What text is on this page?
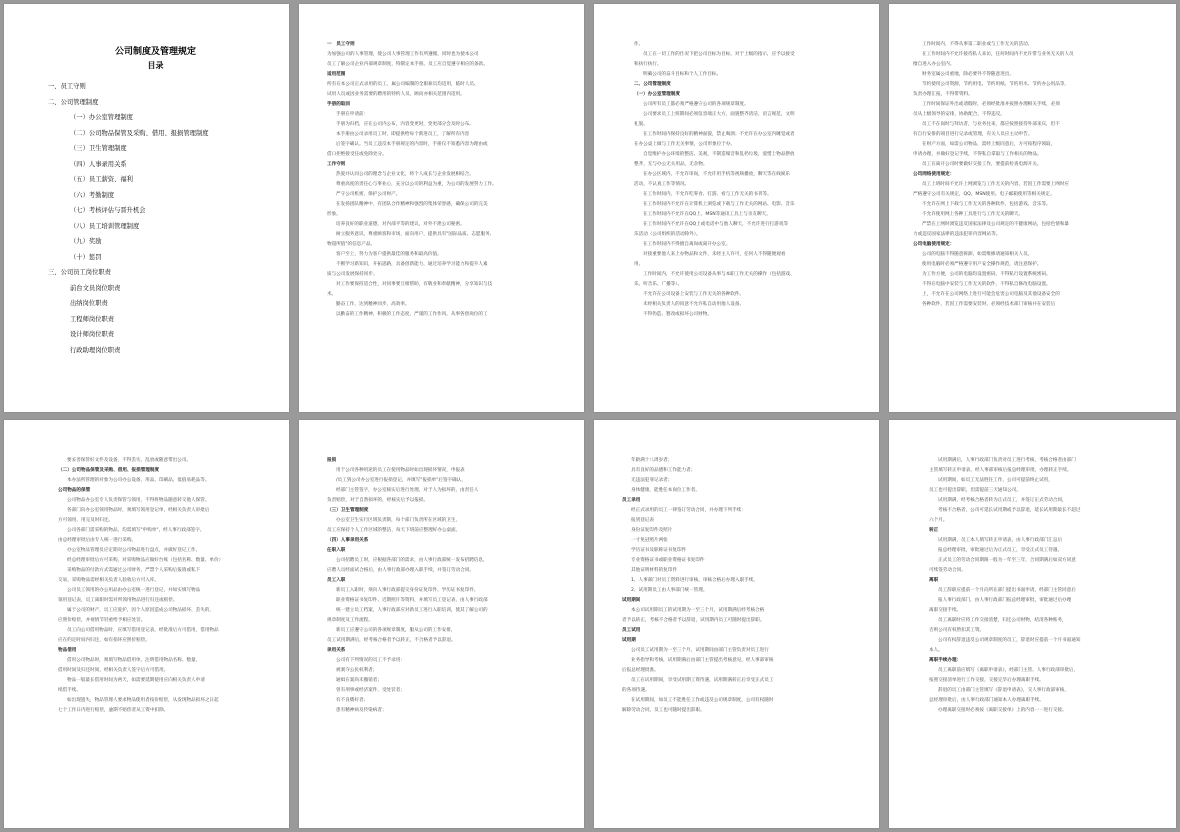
公司制度及管理规定
目录
一、员工守则
二、公司管理制度
（一）办公室管理制度
（二）公司物品保管及采购、借用、报损管理制度
（三）卫生管理制度
（四）人事录用关系
（五）员工薪资、福利
（六）考勤制度
（七）考核评估与晋升机会
（八）员工培训管理制度
（九）奖励
（十）惩罚
三、公司员工岗位职责
前台文员岗位职责
出纳岗位职责
工程师岗位职责
设计师岗位职责
行政助理岗位职责
一　员工守则
为加强公司的人事管理，使公司人事管理工作有所遵循，同时也为使本公司
员工了解公司企业内部规章制度，特制定本手册。员工应自觉遵守相应的条款。
适用范围
所有在本公司正式录用的员工，属公司编制的全职雇员均适用，临时人员、
试用人员或因业务需要的聘用的特约人员、顾问亦相关范围内适用。
手册的取回
手册在申请前：
手册为归档，应在公司内公布，内容变更时，变更部分会及时公布。
本手册由公司录用员工时，即提供给每个新进员工，了解所有内容
后签字确认。当员工违反本手册规定的内容时，手册仅不知悉内容为理由或
借口拒绝接受任或免除处分。
工作守则
热爱并认同公司的理念与企业文化，将个人成长与企业发展相结合。
尊重高度的责任心与事业心，充分以公司的利益为重，为公司的发展努力工作。
严守公司机密，保护公司财产。
在发扬团队精神中，有团队合作精神和强烈的集体荣誉感，确保公司的完美
形象。
培养良好的职业道德，对内部平等的建议，对外不泄公司秘密。
树立服务意识，尊重顾客和市场，面向用户，提供具有"国际品质、志愿服务、
物超所值"的信息产品。
客户至上，努力为客户提供最佳的服务和最高价值。
不断学习新知识，开拓思路，具备创新能力，通过培养学习能力和提升人素
质与公司发展保持同步。
对工作要保持适合性，对同事要互相帮助，有敬业和奉献精神，分享知识与技
术。
勤奋工作，达到精神同步、高效率。
以勤奋的工作精神，积极的工作态度，严谨的工作作风，从事各创岗位的工
作。
员工在一切工作的仕况下把公司目标为目标，对于上级的指示，应予以接受
和执行执行。
明确公司的奋斗目标和个人工作目标。
二、公司管理制度
（一）办公室管理制度
公司所有员工都必须严格遵守公司的各项规章制度。
公司要求员工上班期间必须仪容端正大方，面貌整齐清洁，语言规范，文明
礼貌。
在工作时间内保持良好的精神面貌，禁止喝酒；不允许在办公室内睡觉或者
在办公桌上做与工作无关事情，公司形象位于办。
自觉维护办公环境的整洁、美观，不制造噪音和乱扔垃圾，爱惜上物品摆放
整齐，无与办公无关用品，无杂物。
在办公区域内，不允许串岗，不允许用手机等视频播放，聊天等在线娱乐
活动，不认真工作等情况。
在工作时间内，不允许吃零食、打游、看与工作无关的书刊等。
在工作时间内不允许在计算机上浏览或下载与工作无关的网站、电影、音乐
在工作时间内不允许在QQ上、MSN等通讯工具上与亲友聊天。
在工作时间内不允许在QQ上或电话中与他人聊天，不允许进行打游戏等
乐活动（公司组织的活动除外）。
在工作时间内不得擅自离岗或离开办公室。
对接重要他人来上办物品和文件，未经主人许可，任何人不得随便观看
用。
工作时间内，不允许使用公司设备从事与本职工作无关的操作（包括游戏、
乐、听音乐、广播等）。
不允许在公司设备上安装与工作无关的各种软件。
未经相关负责人的同意不允许私自动用他人设备。
不得伪造、篡改或损坏公司财物。
工作时间内，不得从事第二职业或与工作无关的活动。
在工作时间内不允许接待私人来访，任何时间内不允许带与业务无关的人员
擅自进入办公室内。
财务室属公司重地，除必要外不得随意进出。
节约使用公司资源，节约用电、节约用纸、节约用水、节约办公用品等，
负责办理汇报，不得带资料。
工作时间保证外出或请假时，必须经批准并按照办理相关手续，必须
员从上级领导的安排，协助配合，不得违反。
员工不在岗时与拜访者，与业务往来，都应按照接待外部来宾，但不
有自行安排的项目进行记录或管理，有关人员应主动申告。
在财产方面，如需公司物品，需经上级同意后，方可按程序领取，
申请办理，并做好登记手续，不得私自拿取与工作相关的物品。
员工在离开公司时要做好交接工作，要提前检查电源开关。
公司网络使用规定：
员工上班时间不允许上网浏览与工作无关的内容，若因工作需要上网时应
严格遵守公司有关规定，QQ、MSN使用。电子邮箱使用等相关规定。
不允许在网上下载与工作无关的各种软件，包括游戏、音乐等。
不允许使用网上各种工具进行与工作无关的聊天。
严禁在上网时浏览违反国家法律及公司规定的不健康网站，包括色情和暴
力或违反国家法律的违法犯罪内容网站等。
公司电脑使用规定：
公司的电脑不得随意拆卸，如需维修请通知相关人员。
使用电脑时必须严格遵守用户安全操作规范，请注意保护。
为工作方便，公司的电脑均设置密码，不得私行设置系统密码。
不得在电脑中安装与工作无关的软件，不得私自修改电脑设置。
上，不允许在公司网络上进行可能会危害公司电脑及其他设备安全的
各种软件，若因工作需要安装时，必须经技术部门审核并在安装后
要妥善保管好文件及设备，不得丢失、乱放或随意带出公司。
（二）公司物品保管及采购、借用、报损管理制度
本办法所管理的对象为公司办公设备、用品、印刷品、低值易耗品等。
公司物品的保管
公司物品办公室专人负责保管与领用，不得将物品随意转交他人保管。
各部门向办公室领用物品时，须填写领用登记单，经相关负责人审批后
方可领用，用完及时归还。
公司各部门需采购的物品，均需填写"申购单"，经人事行政部签字、
由总经理审批后由专人统一进行采购。
办公室物品管理员应定期对公司物品进行盘点，并做好登记工作，
经总经理审批后方可采购，对采购物品应做好台账（包括名称、数量、单价）
采购物品的付款方式需通过公司财务，严禁个人采购后报销或私下
交易，采购物品需经相关负责人验收后方可入库。
公司员工领用的办公用品由办公室统一进行登记，并如实填写物品
领用登记表，员工离职时需对所领用物品进行归还或赔偿。
属于公司的财产，员工应爱护，因个人原因造成公司物品损坏、丢失的，
应照价赔偿，并视情节轻重给予相应处罚。
员工向公司借用物品时，应填写借用登记表，经批准后方可借用，借用物品
应在约定时间内归还，如有损坏应照价赔偿。
物品借用
借用公司物品时，须填写物品借用单，注明借用物品名称、数量、
借用时间及归还时间，经相关负责人签字后方可借用。
物品一般最长借用时间为两天，如需要延期使用应向相关负责人申请
续借手续。
如出现遗失，物品管理人要求物品使用者按价赔偿，从发现物品损坏之日起
七个工作日内进行赔偿，逾期不赔偿者从工资中扣除。
报损
用于公司各种用途的员工在使用物品时如出现损坏情况，申报表
/员工到公司办公室进行报损登记，并填写"报损单"后签字确认，
经部门主管签字，办公室核实后进行处理，对于人为损坏的，由责任人
负责赔偿，对于自然损坏的，经核实后予以报损。
（三）卫生管理制度
办公室卫生实行区域负责制，每个部门负责所在区域的卫生，
员工应保持个人工作区域的整洁，每天下班前应整理好办公桌面。
（四）人事录用关系
任职入职
公司招聘员工时，应根据各部门的需求，由人事行政部统一发布招聘信息，
应聘人员经面试合格后，由人事行政部办理入职手续，并签订劳动合同。
员工入职
新员工入职时，须向人事行政部提交身份证复印件、学历证书复印件、
职业资格证书复印件、近期照片等资料，并填写员工登记表，由人事行政部
统一建立员工档案，人事行政部应对新员工进行入职培训，使其了解公司的
规章制度及工作流程。
新员工应遵守公司的各项规章制度，服从公司的工作安排，
员工试用期满后，经考核合格者予以转正，不合格者予以辞退。
录用关系
公司有下列情况的员工不予录用：
被剥夺公民权利者；
通缉在案尚未撤销者；
曾有刑事或经济案件，受处罚者；
有不良嗜好者；
患有精神病及传染病者；
年龄满十八周岁者；
具有良好的品德和工作能力者；
无违法犯罪记录者；
身体健康，能胜任本岗位工作者。
员工录用
经正式录用的员工一律签订劳动合同，并办理下列手续：
报到登记表
身份证复印件及照片
一寸免冠照片两张
学历证书及职称证书复印件
专业资格证书或职业资格证书复印件
其他证明材料的复印件
1、人事部门对员工资料进行审核，审核合格后办理入职手续。
2、试用期员工由人事部门统一管理。
试用期间
本公司试用期员工的试用期为一至三个月，试用期满后经考核合格
者予以转正，考核不合格者予以辞退，试用期内员工可随时提出辞职。
员工试用
试用期
公司员工试用期为一至三个月，试用期间由部门主管负责对员工进行
业务指导和考核，试用期满后由部门主管提出考核意见，经人事部审核
后报总经理批准。
员工在试用期间，享受试用期工资待遇，试用期满转正后享受正式员工
的各项待遇。
在试用期间，如员工不能胜任工作或违反公司规章制度，公司有权随时
解除劳动合同，员工也可随时提出辞职。
试用期满后，人事行政部门负责对员工进行考核，考核合格者由部门
主管填写转正申请表，经人事部审核后报总经理审批，办理转正手续。
试用期间，如员工无法胜任工作，公司可提前终止试用，
员工也可提出辞职，但需提前三天通知公司。
试用期满，经考核合格者转为正式员工，并签订正式劳动合同，
考核不合格者，公司可延长试用期或予以辞退，延长试用期最长不超过
六个月。
转正
试用期满，员工本人填写转正申请表，由人事行政部门汇总后
报总经理审批，审批通过后为正式员工，享受正式员工待遇。
正式员工的劳动合同期限一般为一年至三年，合同期满后如双方同意
可续签劳动合同。
离职
员工辞职应提前一个月向所在部门提出书面申请，经部门主管同意后
报人事行政部门，由人事行政部门报总经理审批，审批通过后办理
离职交接手续。
员工离职时应将工作交接清楚，归还公司财物，结清各种账务，
否则公司有权暂扣其工资。
公司有权辞退违反公司规章制度的员工，辞退时应提前一个月书面通知
本人。
离职手续办理：
员工离职前应填写《离职申请表》，经部门主管、人事行政部审批后，
按照交接清单进行工作交接，交接完毕后办理离职手续。
辞退的员工由部门主管填写《辞退申请表》，交人事行政部审核，
总经理审批后，由人事行政部门通知本人办理离职手续。
办理离职交接时必须按《离职交接单》上的内容一一进行交接。
